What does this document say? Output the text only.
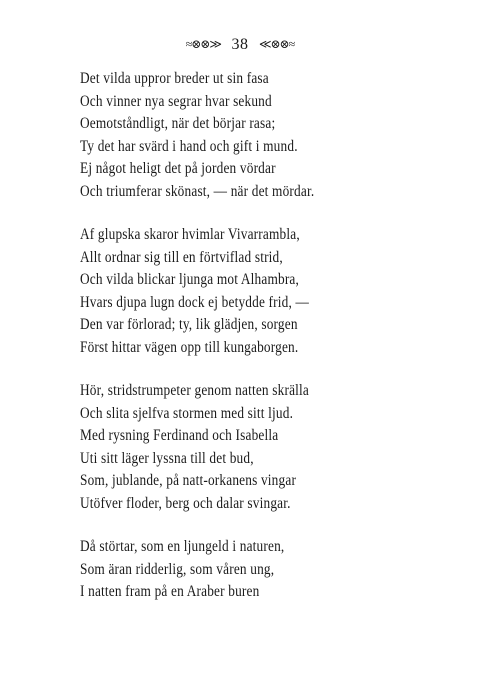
≈⊗⊗≫ 38 ≪⊗⊗≈
Det vilda uppror breder ut sin fasa
Och vinner nya segrar hvar sekund
Oemotståndligt, när det börjar rasa;
Ty det har svärd i hand och gift i mund.
Ej något heligt det på jorden vördar
Och triumferar skönast, — när det mördar.
Af glupska skaror hvimlar Vivarrambla,
Allt ordnar sig till en förtviflad strid,
Och vilda blickar ljunga mot Alhambra,
Hvars djupa lugn dock ej betydde frid, —
Den var förlorad; ty, lik glädjen, sorgen
Först hittar vägen opp till kungaborgen.
Hör, stridstrumpeter genom natten skrälla
Och slita sjelfva stormen med sitt ljud.
Med rysning Ferdinand och Isabella
Uti sitt läger lyssna till det bud,
Som, jublande, på natt-orkanens vingar
Utöfver floder, berg och dalar svingar.
Då störtar, som en ljungeld i naturen,
Som äran ridderlig, som våren ung,
I natten fram på en Araber buren
